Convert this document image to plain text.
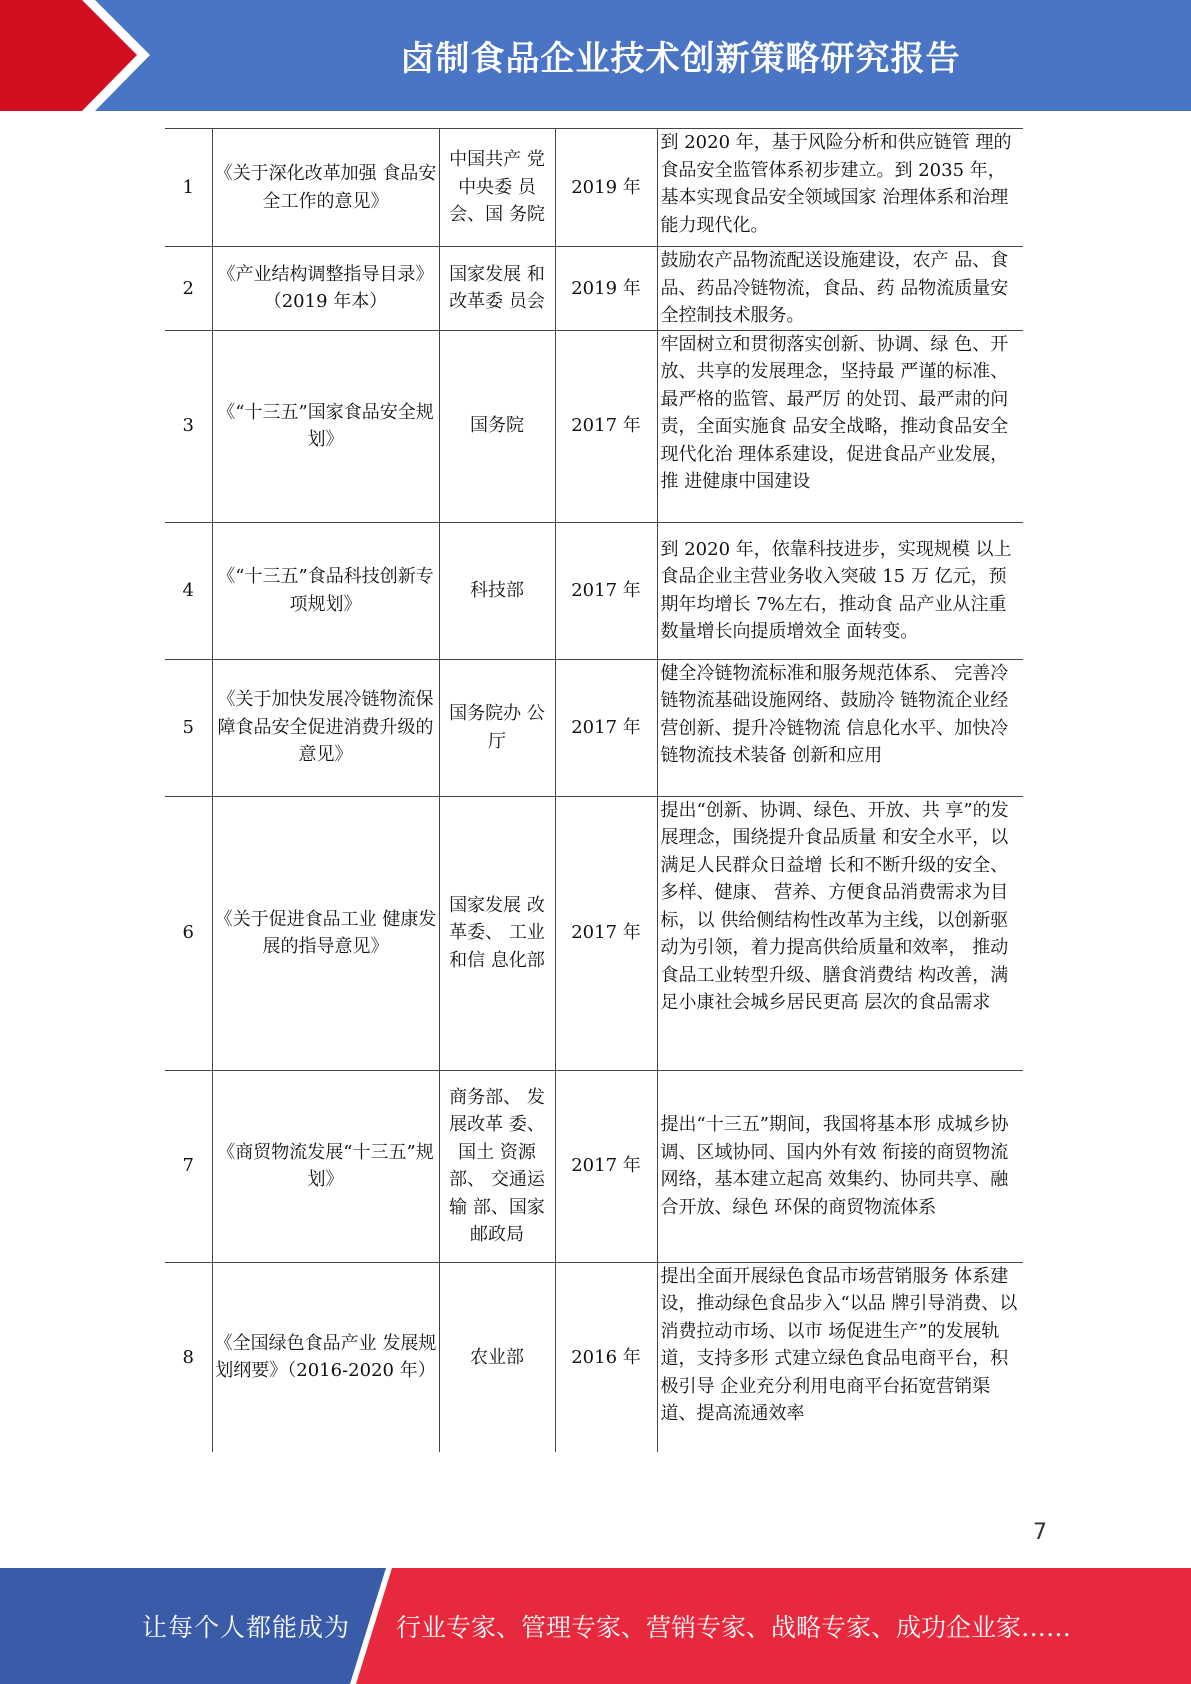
卤制食品企业技术创新策略研究报告
1	《关于深化改革加强 食品安全工作的意见》	中国共产 党中央委 员会、国 务院	2019 年	到 2020 年，基于风险分析和供应链管 理的食品安全监管体系初步建立。到 2035 年，基本实现食品安全领域国家 治理体系和治理能力现代化。
2	《产业结构调整指导目录》（2019 年本）	国家发展 和改革委 员会	2019 年	鼓励农产品物流配送设施建设，农产 品、食品、药品冷链物流，食品、药 品物流质量安全控制技术服务。
3	《“十三五”国家食品安全规划》	国务院	2017 年	牢固树立和贯彻落实创新、协调、绿 色、开放、共享的发展理念，坚持最 严谨的标准、最严格的监管、最严厉 的处罚、最严肃的问责，全面实施食 品安全战略，推动食品安全现代化治 理体系建设，促进食品产业发展，推 进健康中国建设
4	《“十三五”食品科技创新专项规划》	科技部	2017 年	到 2020 年，依靠科技进步，实现规模 以上食品企业主营业务收入突破 15 万 亿元，预期年均增长 7%左右，推动食 品产业从注重数量增长向提质增效全 面转变。
5	《关于加快发展冷链物流保障食品安全促进消费升级的意见》	国务院办 公厅	2017 年	健全冷链物流标准和服务规范体系、 完善冷链物流基础设施网络、鼓励冷 链物流企业经营创新、提升冷链物流 信息化水平、加快冷链物流技术装备 创新和应用
6	《关于促进食品工业 健康发展的指导意见》	国家发展 改革委、 工业和信 息化部	2017 年	提出“创新、协调、绿色、开放、共 享”的发展理念，围绕提升食品质量 和安全水平，以满足人民群众日益增 长和不断升级的安全、多样、健康、 营养、方便食品消费需求为目标，以 供给侧结构性改革为主线，以创新驱 动为引领，着力提高供给质量和效率， 推动食品工业转型升级、膳食消费结 构改善，满足小康社会城乡居民更高 层次的食品需求
7	《商贸物流发展“十三五”规划》	商务部、 发展改革 委、国土 资源部、 交通运输 部、国家邮政局	2017 年	提出“十三五”期间，我国将基本形 成城乡协调、区域协同、国内外有效 衔接的商贸物流网络，基本建立起高 效集约、协同共享、融合开放、绿色 环保的商贸物流体系
8	《全国绿色食品产业 发展规划纲要》（2016-2020 年）	农业部	2016 年	提出全面开展绿色食品市场营销服务 体系建设，推动绿色食品步入“以品 牌引导消费、以消费拉动市场、以市 场促进生产”的发展轨道，支持多形 式建立绿色食品电商平台，积极引导 企业充分利用电商平台拓宽营销渠 道、提高流通效率
7
让每个人都能成为 行业专家、管理专家、营销专家、战略专家、成功企业家……
